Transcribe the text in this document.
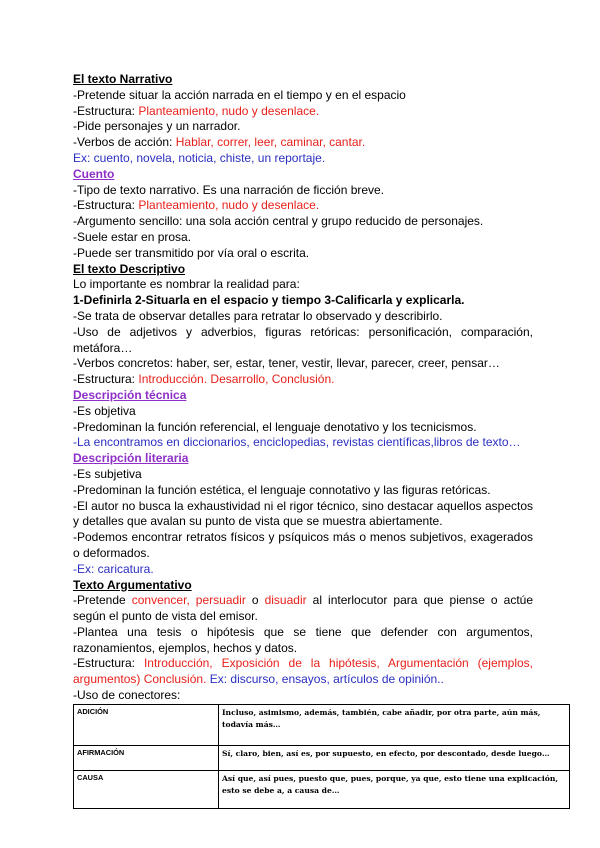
El texto Narrativo
-Pretende situar la acción narrada en el tiempo y en el espacio
-Estructura: Planteamiento, nudo y desenlace.
-Pide personajes y un narrador.
-Verbos de acción: Hablar, correr, leer, caminar, cantar.
Ex: cuento, novela, noticia, chiste, un reportaje.
Cuento
-Tipo de texto narrativo. Es una narración de ficción breve.
-Estructura: Planteamiento, nudo y desenlace.
-Argumento sencillo: una sola acción central y grupo reducido de personajes.
-Suele estar en prosa.
-Puede ser transmitido por vía oral o escrita.
El texto Descriptivo
Lo importante es nombrar la realidad para:
1-Definirla 2-Situarla en el espacio y tiempo 3-Calificarla y explicarla.
-Se trata de observar detalles para retratar lo observado y describirlo.
-Uso de adjetivos y adverbios, figuras retóricas: personificación, comparación, metáfora…
-Verbos concretos: haber, ser, estar, tener, vestir, llevar, parecer, creer, pensar…
-Estructura: Introducción. Desarrollo, Conclusión.
Descripción técnica
-Es objetiva
-Predominan la función referencial, el lenguaje denotativo y los tecnicismos.
-La encontramos en diccionarios, enciclopedias, revistas científicas,libros de texto…
Descripción literaria
-Es subjetiva
-Predominan la función estética, el lenguaje connotativo y las figuras retóricas.
-El autor no busca la exhaustividad ni el rigor técnico, sino destacar aquellos aspectos y detalles que avalan su punto de vista que se muestra abiertamente.
-Podemos encontrar retratos físicos y psíquicos más o menos subjetivos, exagerados o deformados.
-Ex: caricatura.
Texto Argumentativo
-Pretende convencer, persuadir o disuadir al interlocutor para que piense o actúe según el punto de vista del emisor.
-Plantea una tesis o hipótesis que se tiene que defender con argumentos, razonamientos, ejemplos, hechos y datos.
-Estructura: Introducción, Exposición de la hipótesis, Argumentación (ejemplos, argumentos) Conclusión. Ex: discurso, ensayos, artículos de opinión..
-Uso de conectores:
ADICIÓN	Incluso, asimismo, además, también, cabe añadir, por otra parte, aún más, todavía más…
AFIRMACIÓN	Sí, claro, bien, así es, por supuesto, en efecto, por descontado, desde luego…
CAUSA	Así que, así pues, puesto que, pues, porque, ya que, esto tiene una explicación, esto se debe a, a causa de…
